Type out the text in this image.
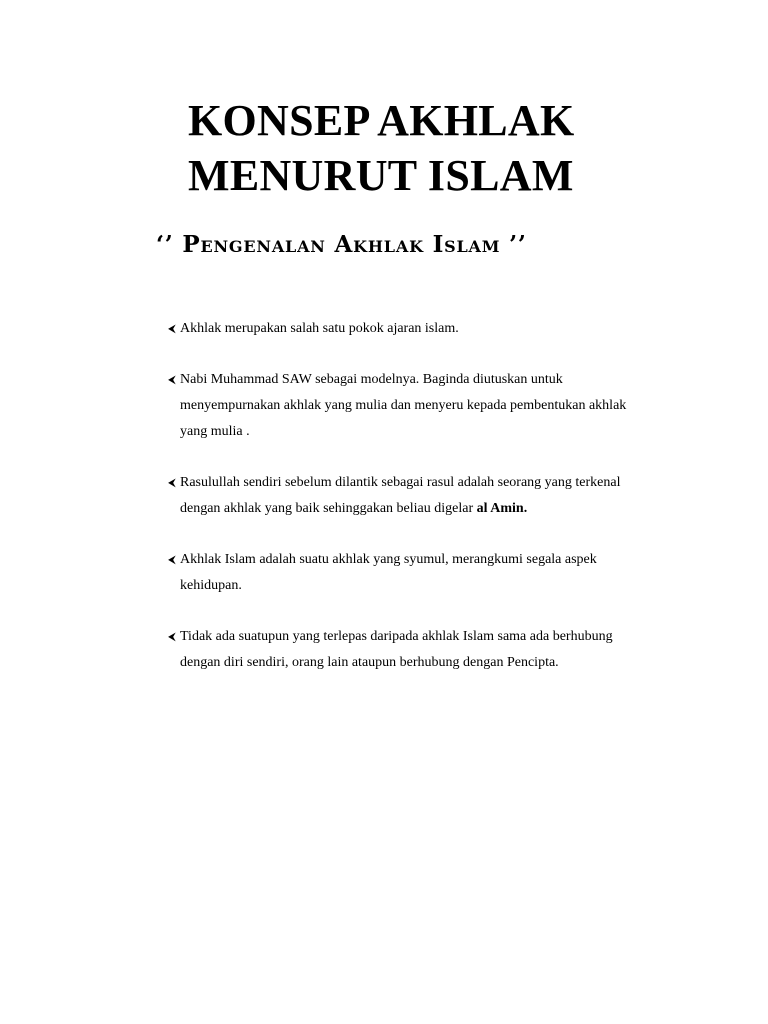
KONSEP AKHLAK
MENURUT ISLAM
‘’ Pengenalan Akhlak Islam ’’
⮜ Akhlak merupakan salah satu pokok ajaran islam.
⮜ Nabi Muhammad SAW sebagai modelnya. Baginda diutuskan untuk
menyempurnakan akhlak yang mulia dan menyeru kepada pembentukan akhlak
yang mulia .
⮜ Rasulullah sendiri sebelum dilantik sebagai rasul adalah seorang yang terkenal
dengan akhlak yang baik sehinggakan beliau digelar al Amin.
⮜ Akhlak Islam adalah suatu akhlak yang syumul, merangkumi segala aspek
kehidupan.
⮜ Tidak ada suatupun yang terlepas daripada akhlak Islam sama ada berhubung
dengan diri sendiri, orang lain ataupun berhubung dengan Pencipta.
